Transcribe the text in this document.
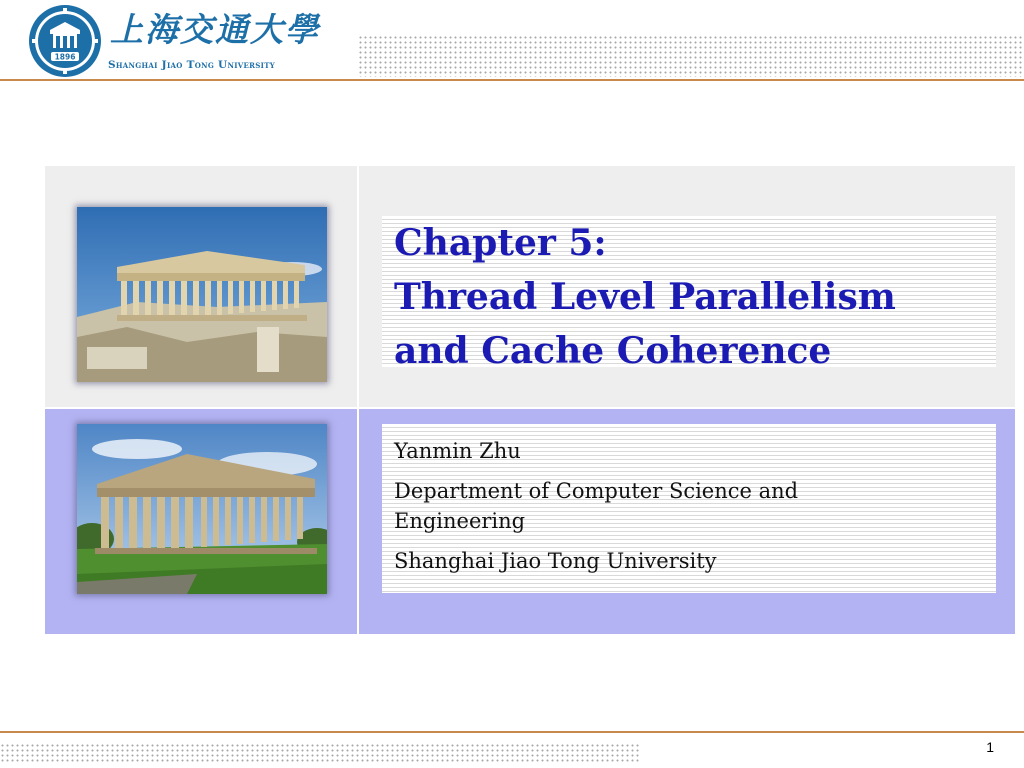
1896
上海交通大學
Shanghai Jiao Tong University
Chapter 5:
Thread Level Parallelism
and Cache Coherence
Yanmin Zhu
Department of Computer Science and
Engineering
Shanghai Jiao Tong University
1
